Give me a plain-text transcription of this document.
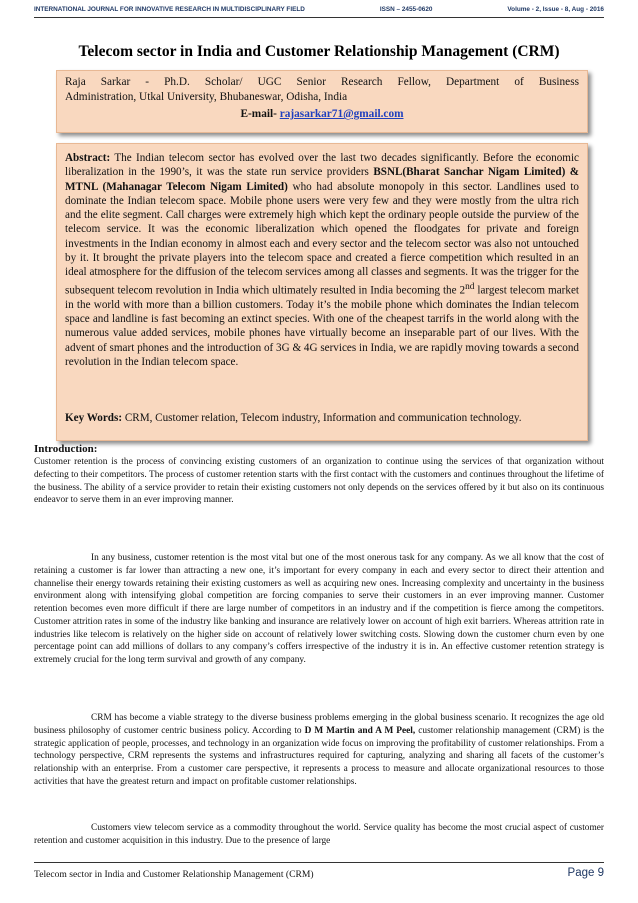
INTERNATIONAL JOURNAL FOR INNOVATIVE RESEARCH IN MULTIDISCIPLINARY FIELD	ISSN – 2455-0620	Volume - 2, Issue - 8, Aug - 2016
Telecom sector in India and Customer Relationship Management (CRM)
Raja Sarkar - Ph.D. Scholar/ UGC Senior Research Fellow, Department of Business
Administration, Utkal University, Bhubaneswar, Odisha, India
E-mail- rajasarkar71@gmail.com
Abstract: The Indian telecom sector has evolved over the last two decades significantly. Before the economic liberalization in the 1990’s, it was the state run service providers BSNL(Bharat Sanchar Nigam Limited) & MTNL (Mahanagar Telecom Nigam Limited) who had absolute monopoly in this sector. Landlines used to dominate the Indian telecom space. Mobile phone users were very few and they were mostly from the ultra rich and the elite segment. Call charges were extremely high which kept the ordinary people outside the purview of the telecom service. It was the economic liberalization which opened the floodgates for private and foreign investments in the Indian economy in almost each and every sector and the telecom sector was also not untouched by it. It brought the private players into the telecom space and created a fierce competition which resulted in an ideal atmosphere for the diffusion of the telecom services among all classes and segments. It was the trigger for the subsequent telecom revolution in India which ultimately resulted in India becoming the 2nd largest telecom market in the world with more than a billion customers. Today it’s the mobile phone which dominates the Indian telecom space and landline is fast becoming an extinct species. With one of the cheapest tarrifs in the world along with the numerous value added services, mobile phones have virtually become an inseparable part of our lives. With the advent of smart phones and the introduction of 3G & 4G services in India, we are rapidly moving towards a second revolution in the Indian telecom space.
Key Words: CRM, Customer relation, Telecom industry, Information and communication technology.
Introduction:
Customer retention is the process of convincing existing customers of an organization to continue using the services of that organization without defecting to their competitors. The process of customer retention starts with the first contact with the customers and continues throughout the lifetime of the business. The ability of a service provider to retain their existing customers not only depends on the services offered by it but also on its continuous endeavor to serve them in an ever improving manner.
In any business, customer retention is the most vital but one of the most onerous task for any company. As we all know that the cost of retaining a customer is far lower than attracting a new one, it’s important for every company in each and every sector to direct their attention and channelise their energy towards retaining their existing customers as well as acquiring new ones. Increasing complexity and uncertainty in the business environment along with intensifying global competition are forcing companies to serve their customers in an ever improving manner. Customer retention becomes even more difficult if there are large number of competitors in an industry and if the competition is fierce among the competitors. Customer attrition rates in some of the industry like banking and insurance are relatively lower on account of high exit barriers. Whereas attrition rate in industries like telecom is relatively on the higher side on account of relatively lower switching costs. Slowing down the customer churn even by one percentage point can add millions of dollars to any company’s coffers irrespective of the industry it is in. An effective customer retention strategy is extremely crucial for the long term survival and growth of any company.
CRM has become a viable strategy to the diverse business problems emerging in the global business scenario. It recognizes the age old business philosophy of customer centric business policy. According to D M Martin and A M Peel, customer relationship management (CRM) is the strategic application of people, processes, and technology in an organization wide focus on improving the profitability of customer relationships. From a technology perspective, CRM represents the systems and infrastructures required for capturing, analyzing and sharing all facets of the customer’s relationship with an enterprise. From a customer care perspective, it represents a process to measure and allocate organizational resources to those activities that have the greatest return and impact on profitable customer relationships.
Customers view telecom service as a commodity throughout the world. Service quality has become the most crucial aspect of customer retention and customer acquisition in this industry. Due to the presence of large
Telecom sector in India and Customer Relationship Management (CRM)	Page 9
